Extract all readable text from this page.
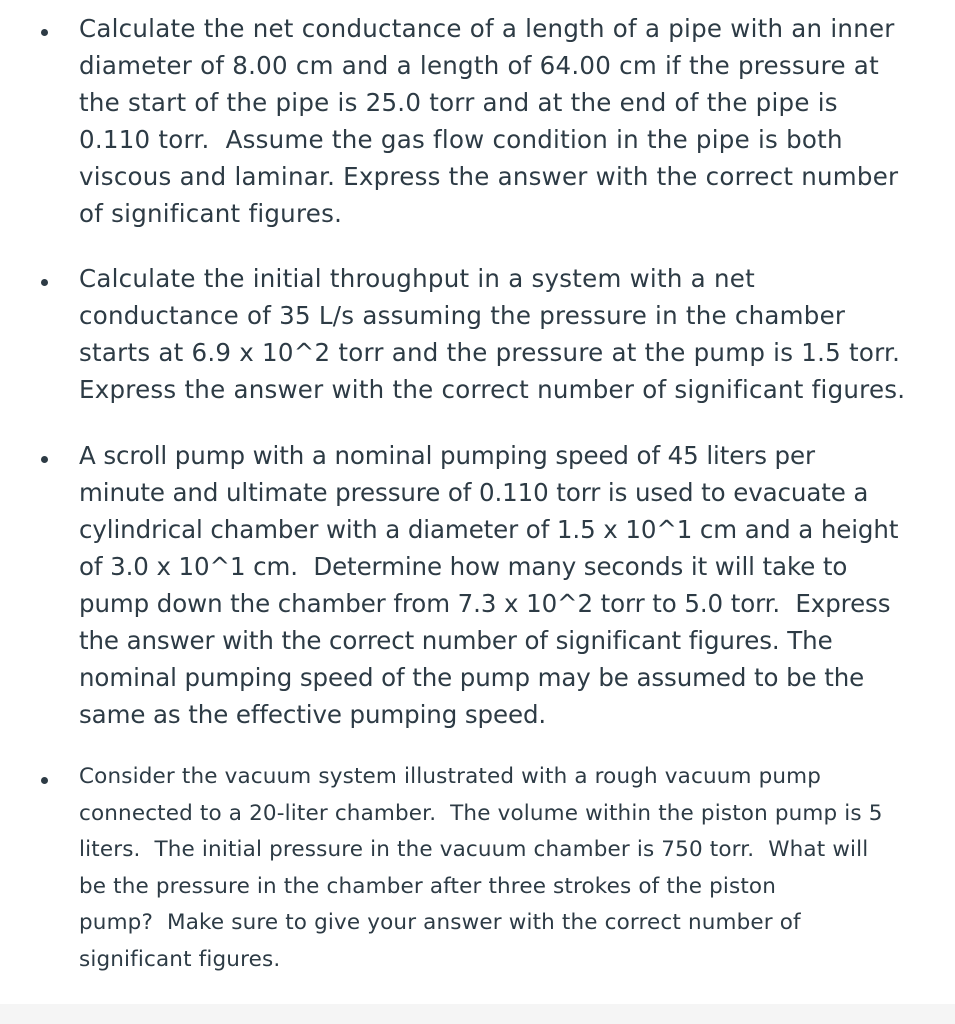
Calculate the net conductance of a length of a pipe with an inner
diameter of 8.00 cm and a length of 64.00 cm if the pressure at
the start of the pipe is 25.0 torr and at the end of the pipe is
0.110 torr.  Assume the gas flow condition in the pipe is both
viscous and laminar. Express the answer with the correct number
of significant figures.

Calculate the initial throughput in a system with a net
conductance of 35 L/s assuming the pressure in the chamber
starts at 6.9 x 10^2 torr and the pressure at the pump is 1.5 torr.
Express the answer with the correct number of significant figures.

A scroll pump with a nominal pumping speed of 45 liters per
minute and ultimate pressure of 0.110 torr is used to evacuate a
cylindrical chamber with a diameter of 1.5 x 10^1 cm and a height
of 3.0 x 10^1 cm.  Determine how many seconds it will take to
pump down the chamber from 7.3 x 10^2 torr to 5.0 torr.  Express
the answer with the correct number of significant figures. The
nominal pumping speed of the pump may be assumed to be the
same as the effective pumping speed.

Consider the vacuum system illustrated with a rough vacuum pump
connected to a 20-liter chamber.  The volume within the piston pump is 5
liters.  The initial pressure in the vacuum chamber is 750 torr.  What will
be the pressure in the chamber after three strokes of the piston
pump?  Make sure to give your answer with the correct number of
significant figures.
